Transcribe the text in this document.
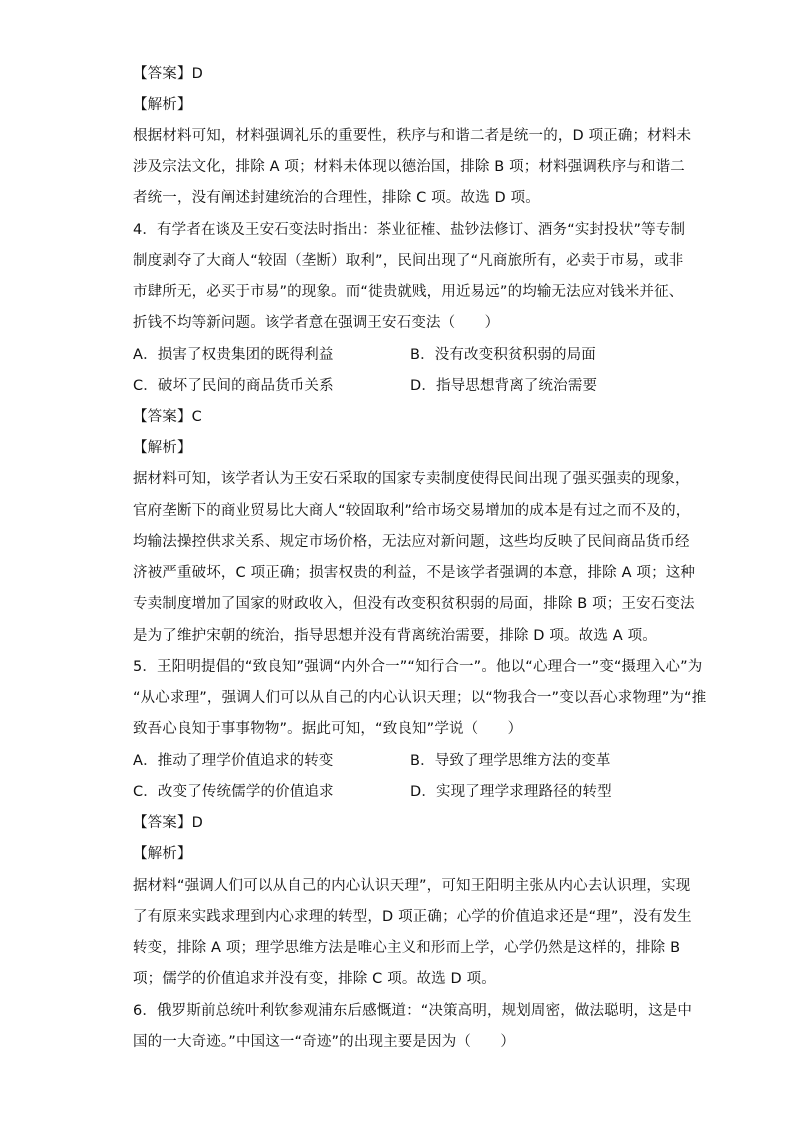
【答案】D
【解析】
根据材料可知，材料强调礼乐的重要性，秩序与和谐二者是统一的，D 项正确；材料未
涉及宗法文化，排除 A 项；材料未体现以德治国，排除 B 项；材料强调秩序与和谐二
者统一，没有阐述封建统治的合理性，排除 C 项。故选 D 项。
4．有学者在谈及王安石变法时指出：茶业征榷、盐钞法修订、酒务“实封投状”等专制
制度剥夺了大商人“较固（垄断）取利”，民间出现了“凡商旅所有，必卖于市易，或非
市肆所无，必买于市易”的现象。而“徙贵就贱，用近易远”的均输无法应对钱米并征、
折钱不均等新问题。该学者意在强调王安石变法（　　）
A．损害了权贵集团的既得利益	B．没有改变积贫积弱的局面
C．破坏了民间的商品货币关系	D．指导思想背离了统治需要
【答案】C
【解析】
据材料可知，该学者认为王安石采取的国家专卖制度使得民间出现了强买强卖的现象，
官府垄断下的商业贸易比大商人“较固取利”给市场交易增加的成本是有过之而不及的，
均输法操控供求关系、规定市场价格，无法应对新问题，这些均反映了民间商品货币经
济被严重破坏，C 项正确；损害权贵的利益，不是该学者强调的本意，排除 A 项；这种
专卖制度增加了国家的财政收入，但没有改变积贫积弱的局面，排除 B 项；王安石变法
是为了维护宋朝的统治，指导思想并没有背离统治需要，排除 D 项。故选 A 项。
5．王阳明提倡的“致良知”强调“内外合一”“知行合一”。他以“心理合一”变“摄理入心”为
“从心求理”，强调人们可以从自己的内心认识天理；以“物我合一”变以吾心求物理”为“推
致吾心良知于事事物物”。据此可知，“致良知”学说（　　）
A．推动了理学价值追求的转变	B．导致了理学思维方法的变革
C．改变了传统儒学的价值追求	D．实现了理学求理路径的转型
【答案】D
【解析】
据材料“强调人们可以从自己的内心认识天理”，可知王阳明主张从内心去认识理，实现
了有原来实践求理到内心求理的转型，D 项正确；心学的价值追求还是“理”，没有发生
转变，排除 A 项；理学思维方法是唯心主义和形而上学，心学仍然是这样的，排除 B
项；儒学的价值追求并没有变，排除 C 项。故选 D 项。
6．俄罗斯前总统叶利钦参观浦东后感慨道：“决策高明，规划周密，做法聪明，这是中
国的一大奇迹。”中国这一“奇迹”的出现主要是因为（　　）
